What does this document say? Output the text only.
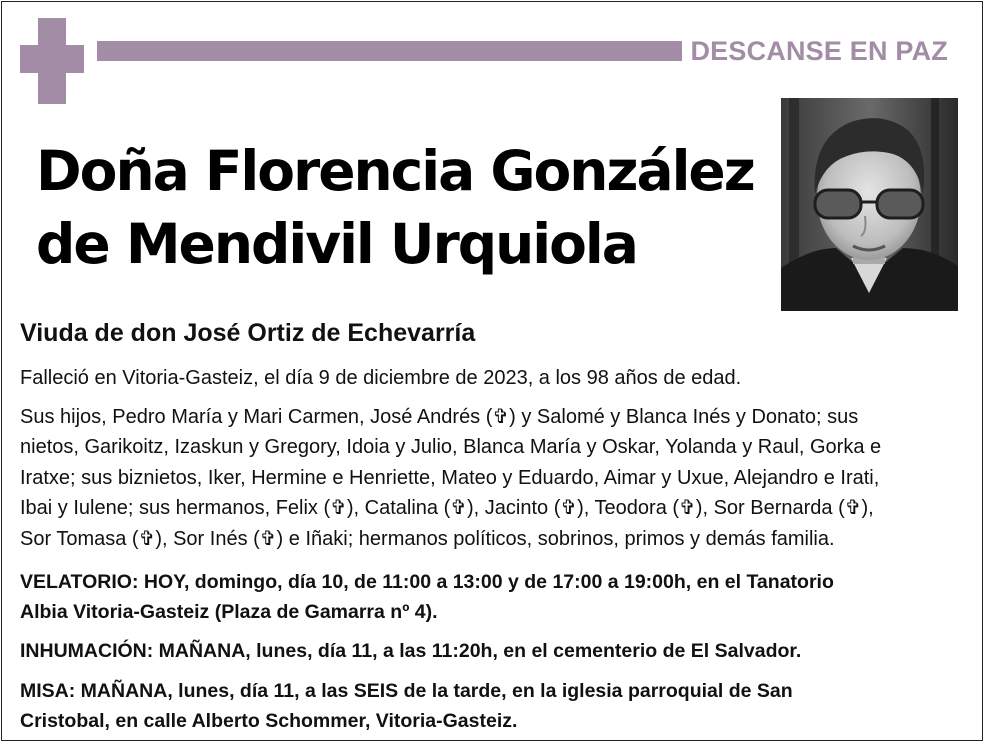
DESCANSE EN PAZ
Doña Florencia González
de Mendivil Urquiola
Viuda de don José Ortiz de Echevarría

Falleció en Vitoria-Gasteiz, el día 9 de diciembre de 2023, a los 98 años de edad.

Sus hijos, Pedro María y Mari Carmen, José Andrés (✞) y Salomé y Blanca Inés y Donato; sus
nietos, Garikoitz, Izaskun y Gregory, Idoia y Julio, Blanca María y Oskar, Yolanda y Raul, Gorka e
Iratxe; sus biznietos, Iker, Hermine e Henriette, Mateo y Eduardo, Aimar y Uxue, Alejandro e Irati,
Ibai y Iulene; sus hermanos, Felix (✞), Catalina (✞), Jacinto (✞), Teodora (✞), Sor Bernarda (✞),
Sor Tomasa (✞), Sor Inés (✞) e Iñaki; hermanos políticos, sobrinos, primos y demás familia.

VELATORIO: HOY, domingo, día 10, de 11:00 a 13:00 y de 17:00 a 19:00h, en el Tanatorio
Albia Vitoria-Gasteiz (Plaza de Gamarra nº 4).

INHUMACIÓN: MAÑANA, lunes, día 11, a las 11:20h, en el cementerio de El Salvador.

MISA: MAÑANA, lunes, día 11, a las SEIS de la tarde, en la iglesia parroquial de San
Cristobal, en calle Alberto Schommer, Vitoria-Gasteiz.
